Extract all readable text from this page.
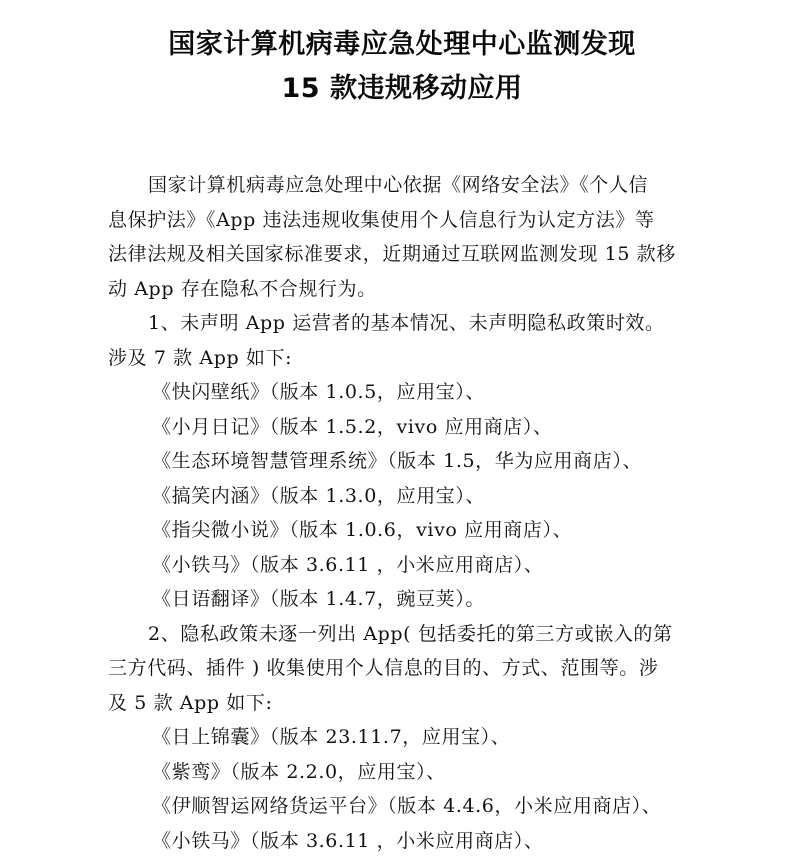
国家计算机病毒应急处理中心监测发现
15 款违规移动应用

国家计算机病毒应急处理中心依据《网络安全法》《个人信
息保护法》《App 违法违规收集使用个人信息行为认定方法》等
法律法规及相关国家标准要求，近期通过互联网监测发现 15 款移
动 App 存在隐私不合规行为。

1、未声明 App 运营者的基本情况、未声明隐私政策时效。
涉及 7 款 App 如下:
《快闪壁纸》（版本 1.0.5，应用宝）、
《小月日记》（版本 1.5.2，vivo 应用商店）、
《生态环境智慧管理系统》（版本 1.5，华为应用商店）、
《搞笑内涵》（版本 1.3.0，应用宝）、
《指尖微小说》（版本 1.0.6，vivo 应用商店）、
《小铁马》（版本 3.6.11 ，小米应用商店）、
《日语翻译》（版本 1.4.7，豌豆荚）。
2、隐私政策未逐一列出 App( 包括委托的第三方或嵌入的第
三方代码、插件 ) 收集使用个人信息的目的、方式、范围等。涉
及 5 款 App 如下:
《日上锦囊》（版本 23.11.7，应用宝）、
《紫鸾》（版本 2.2.0，应用宝）、
《伊顺智运网络货运平台》（版本 4.4.6，小米应用商店）、
《小铁马》（版本 3.6.11 ，小米应用商店）、
